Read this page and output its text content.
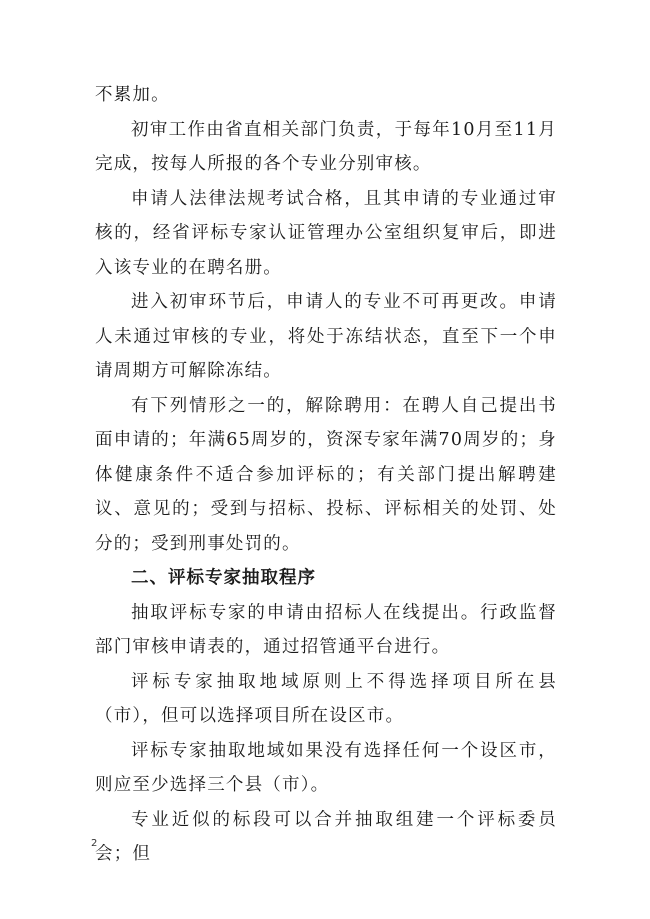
不累加。

初审工作由省直相关部门负责，于每年10月至11月完成，按每人所报的各个专业分别审核。

申请人法律法规考试合格，且其申请的专业通过审核的，经省评标专家认证管理办公室组织复审后，即进入该专业的在聘名册。

进入初审环节后，申请人的专业不可再更改。申请人未通过审核的专业，将处于冻结状态，直至下一个申请周期方可解除冻结。

有下列情形之一的，解除聘用：在聘人自己提出书面申请的；年满65周岁的，资深专家年满70周岁的；身体健康条件不适合参加评标的；有关部门提出解聘建议、意见的；受到与招标、投标、评标相关的处罚、处分的；受到刑事处罚的。

二、评标专家抽取程序

抽取评标专家的申请由招标人在线提出。行政监督部门审核申请表的，通过招管通平台进行。

评标专家抽取地域原则上不得选择项目所在县（市），但可以选择项目所在设区市。

评标专家抽取地域如果没有选择任何一个设区市，则应至少选择三个县（市）。

专业近似的标段可以合并抽取组建一个评标委员会；但

2
